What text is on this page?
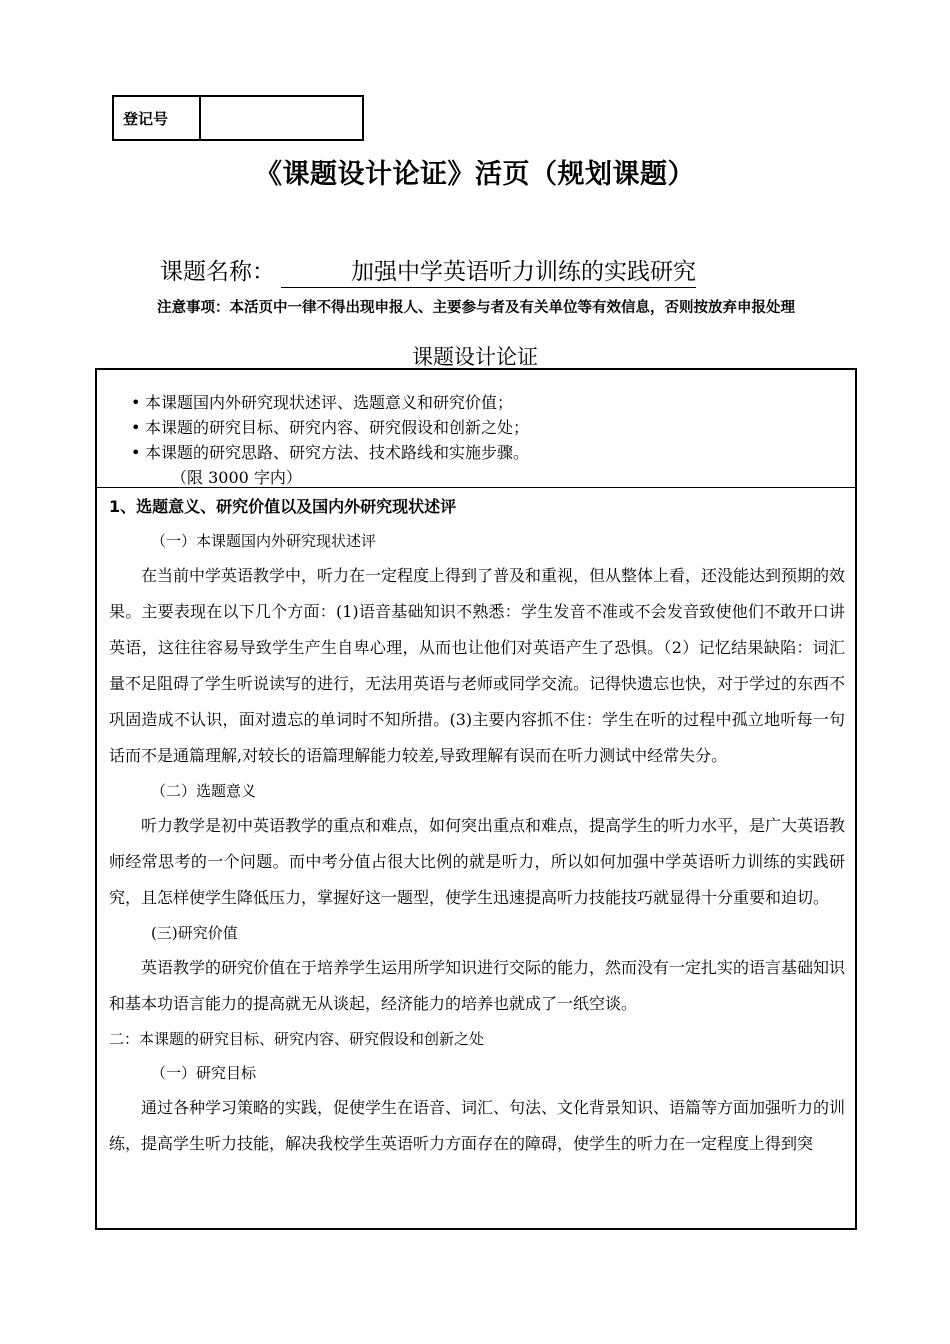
登记号
《课题设计论证》活页（规划课题）
课题名称：	加强中学英语听力训练的实践研究
注意事项：本活页中一律不得出现申报人、主要参与者及有关单位等有效信息，否则按放弃申报处理
课题设计论证
• 本课题国内外研究现状述评、选题意义和研究价值；
• 本课题的研究目标、研究内容、研究假设和创新之处；
• 本课题的研究思路、研究方法、技术路线和实施步骤。
（限 3000 字内）
1、选题意义、研究价值以及国内外研究现状述评
（一）本课题国内外研究现状述评

在当前中学英语教学中，听力在一定程度上得到了普及和重视，但从整体上看，还没能达到预期的效果。主要表现在以下几个方面：(1)语音基础知识不熟悉：学生发音不准或不会发音致使他们不敢开口讲英语，这往往容易导致学生产生自卑心理，从而也让他们对英语产生了恐惧。（2）记忆结果缺陷：词汇量不足阻碍了学生听说读写的进行，无法用英语与老师或同学交流。记得快遗忘也快，对于学过的东西不巩固造成不认识，面对遗忘的单词时不知所措。(3)主要内容抓不住：学生在听的过程中孤立地听每一句话而不是通篇理解,对较长的语篇理解能力较差,导致理解有误而在听力测试中经常失分。

（二）选题意义

听力教学是初中英语教学的重点和难点，如何突出重点和难点，提高学生的听力水平，是广大英语教师经常思考的一个问题。而中考分值占很大比例的就是听力，所以如何加强中学英语听力训练的实践研究，且怎样使学生降低压力，掌握好这一题型，使学生迅速提高听力技能技巧就显得十分重要和迫切。

(三)研究价值

英语教学的研究价值在于培养学生运用所学知识进行交际的能力，然而没有一定扎实的语言基础知识和基本功语言能力的提高就无从谈起，经济能力的培养也就成了一纸空谈。

二：本课题的研究目标、研究内容、研究假设和创新之处
（一）研究目标

通过各种学习策略的实践，促使学生在语音、词汇、句法、文化背景知识、语篇等方面加强听力的训练，提高学生听力技能，解决我校学生英语听力方面存在的障碍，使学生的听力在一定程度上得到突
